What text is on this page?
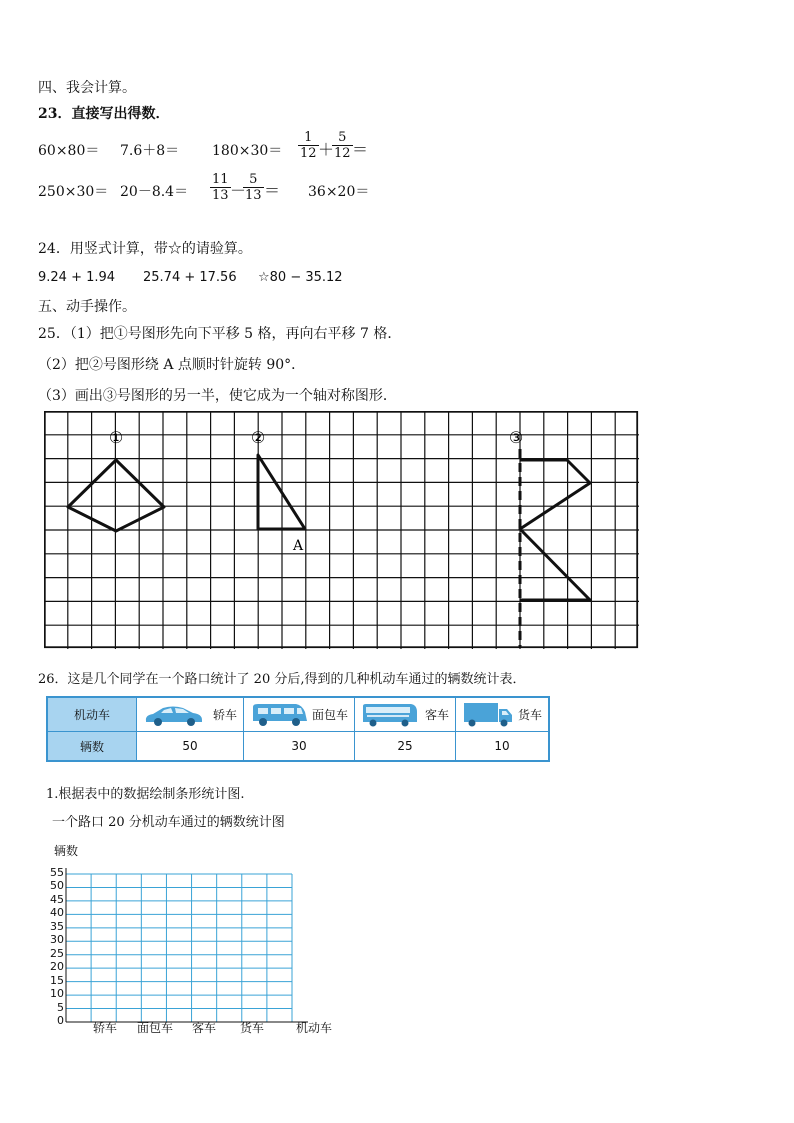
四、我会计算。
23．直接写出得数．
$60\times 80= 7.6+8= 180\times 30= \frac{1}{12}$ ＋
$\frac{5}{12}$ ＝
$250\times 30= 20-8.4= \frac{11}{13}$ －
$\frac{5}{13} = 36\times 20=$
24．用竖式计算，带☆的请验算。
9.24 + 1.94 25.74 + 17.56 ☆80 − 35.12
五、动手操作。
25．（1）把①号图形先向下平移 5 格，再向右平移 7 格．
（2）把②号图形绕 A 点顺时针旋转 90°．
（3）画出③号图形的另一半，使它成为一个轴对称图形．
①	②	③
A
26．这是几个同学在一个路口统计了 20 分后,得到的几种机动车通过的辆数统计表．
机动车	轿车	面包车	客车	货车

辆数	50	30	25	10
1.根据表中的数据绘制条形统计图.
一个路口 20 分机动车通过的辆数统计图
辆数
55
50
45
40
35
30
25
20
15
10
5
0
轿车 面包车 客车 货车	机动车
